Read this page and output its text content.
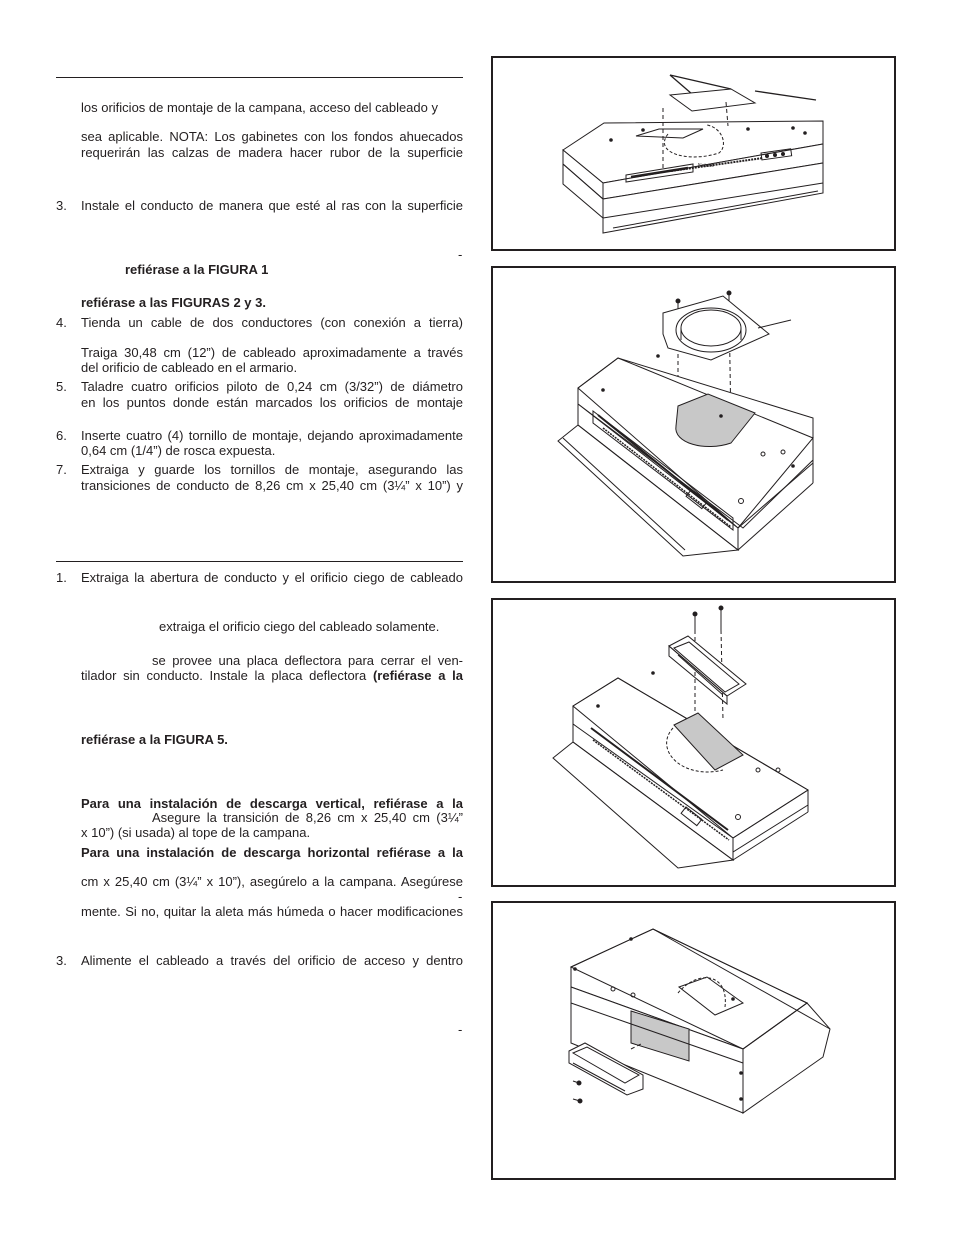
los orificios de montaje de la campana, acceso del cableado y

sea aplicable. NOTA: Los gabinetes con los fondos ahuecados

requerirán las calzas de madera hacer rubor de la superficie

3. Instale el conducto de manera que esté al ras con la superficie

-

refiérase a la FIGURA 1

refiérase a las FIGURAS 2 y 3.

4. Tienda un cable de dos conductores (con conexión a tierra)

Traiga 30,48 cm (12”) de cableado aproximadamente a través

del orificio de cableado en el armario.

5. Taladre cuatro orificios piloto de 0,24 cm (3/32”) de diámetro

en los puntos donde están marcados los orificios de montaje

6. Inserte cuatro (4) tornillo de montaje, dejando aproximadamente

0,64 cm (1/4”) de rosca expuesta.

7. Extraiga y guarde los tornillos de montaje, asegurando las

transiciones de conducto de 8,26 cm x 25,40 cm (3¼” x 10”) y

1. Extraiga la abertura de conducto y el orificio ciego de cableado

extraiga el orificio ciego del cableado solamente.

se provee una placa deflectora para cerrar el ven-

tilador sin conducto. Instale la placa deflectora (refiérase a la

refiérase a la FIGURA 5.

Para una instalación de descarga vertical, refiérase a la

Asegure la transición de 8,26 cm x 25,40 cm (3¼”

x 10”) (si usada) al tope de la campana.

Para una instalación de descarga horizontal refiérase a la

cm x 25,40 cm (3¼” x 10”), asegúrelo a la campana. Asegúrese

-

mente. Si no, quitar la aleta más húmeda o hacer modificaciones

3. Alimente el cableado a través del orificio de acceso y dentro

-

Nutone
